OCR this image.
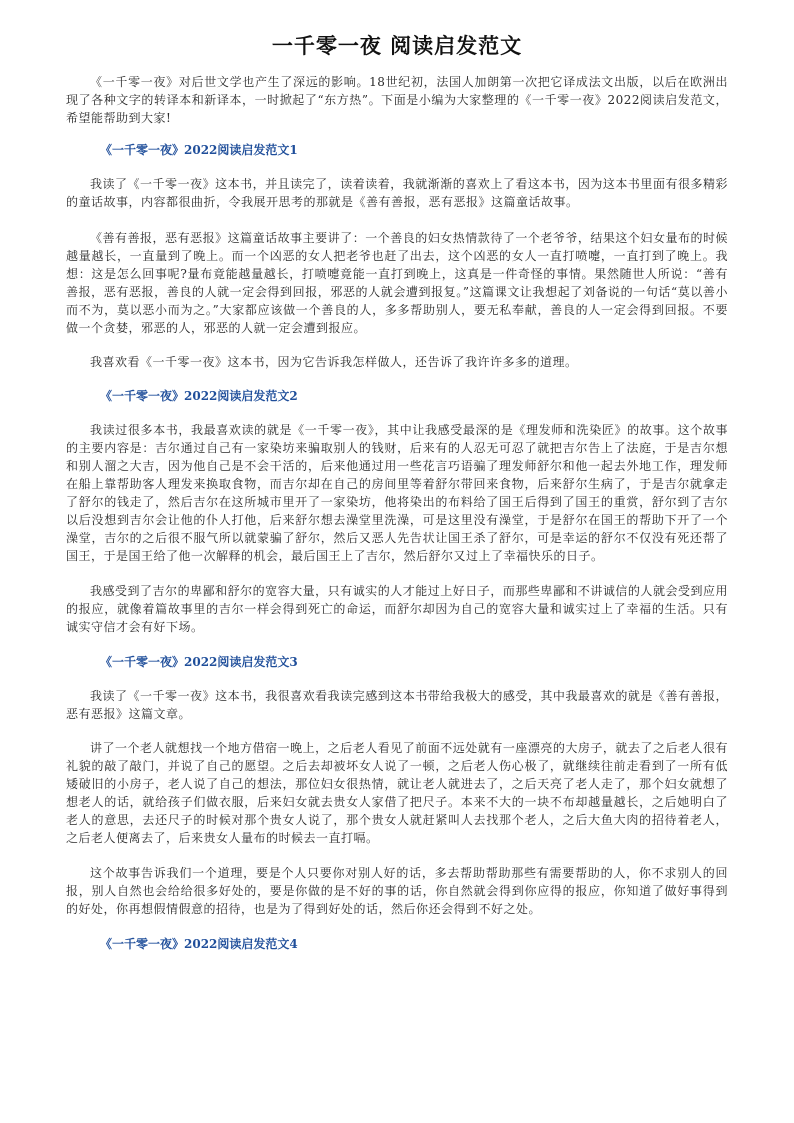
一千零一夜 阅读启发范文

《一千零一夜》对后世文学也产生了深远的影响。18世纪初，法国人加朗第一次把它译成法文出版，以后在欧洲出现了各种文字的转译本和新译本，一时掀起了“东方热”。下面是小编为大家整理的《一千零一夜》2022阅读启发范文，希望能帮助到大家!

《一千零一夜》2022阅读启发范文1

我读了《一千零一夜》这本书，并且读完了，读着读着，我就渐渐的喜欢上了看这本书，因为这本书里面有很多精彩的童话故事，内容都很曲折，令我展开思考的那就是《善有善报，恶有恶报》这篇童话故事。

《善有善报，恶有恶报》这篇童话故事主要讲了：一个善良的妇女热情款待了一个老爷爷，结果这个妇女量布的时候越量越长，一直量到了晚上。而一个凶恶的女人把老爷也赶了出去，这个凶恶的女人一直打喷嚏，一直打到了晚上。我想：这是怎么回事呢?量布竟能越量越长，打喷嚏竟能一直打到晚上，这真是一件奇怪的事情。果然随世人所说：“善有善报，恶有恶报，善良的人就一定会得到回报，邪恶的人就会遭到报复。”这篇课文让我想起了刘备说的一句话“莫以善小而不为，莫以恶小而为之。”大家都应该做一个善良的人，多多帮助别人，要无私奉献，善良的人一定会得到回报。不要做一个贪婪，邪恶的人，邪恶的人就一定会遭到报应。

我喜欢看《一千零一夜》这本书，因为它告诉我怎样做人，还告诉了我许许多多的道理。

《一千零一夜》2022阅读启发范文2

我读过很多本书，我最喜欢读的就是《一千零一夜》，其中让我感受最深的是《理发师和洗染匠》的故事。这个故事的主要内容是：吉尔通过自己有一家染坊来骗取别人的钱财，后来有的人忍无可忍了就把吉尔告上了法庭，于是吉尔想和别人溜之大吉，因为他自己是不会干活的，后来他通过用一些花言巧语骗了理发师舒尔和他一起去外地工作，理发师在船上靠帮助客人理发来换取食物，而吉尔却在自己的房间里等着舒尔带回来食物，后来舒尔生病了，于是吉尔就拿走了舒尔的钱走了，然后吉尔在这所城市里开了一家染坊，他将染出的布料给了国王后得到了国王的重赏，舒尔到了吉尔以后没想到吉尔会让他的仆人打他，后来舒尔想去澡堂里洗澡，可是这里没有澡堂，于是舒尔在国王的帮助下开了一个澡堂，吉尔的之后很不服气所以就蒙骗了舒尔，然后又恶人先告状让国王杀了舒尔，可是幸运的舒尔不仅没有死还帮了国王，于是国王给了他一次解释的机会，最后国王上了吉尔，然后舒尔又过上了幸福快乐的日子。

我感受到了吉尔的卑鄙和舒尔的宽容大量，只有诚实的人才能过上好日子，而那些卑鄙和不讲诚信的人就会受到应用的报应，就像着篇故事里的吉尔一样会得到死亡的命运，而舒尔却因为自己的宽容大量和诚实过上了幸福的生活。只有诚实守信才会有好下场。

《一千零一夜》2022阅读启发范文3

我读了《一千零一夜》这本书，我很喜欢看我读完感到这本书带给我极大的感受，其中我最喜欢的就是《善有善报，恶有恶报》这篇文章。

讲了一个老人就想找一个地方借宿一晚上，之后老人看见了前面不远处就有一座漂亮的大房子，就去了之后老人很有礼貌的敲了敲门，并说了自己的愿望。之后去却被坏女人说了一顿，之后老人伤心极了，就继续往前走看到了一所有低矮破旧的小房子，老人说了自己的想法，那位妇女很热情，就让老人就进去了，之后天亮了老人走了，那个妇女就想了想老人的话，就给孩子们做衣服，后来妇女就去贵女人家借了把尺子。本来不大的一块不布却越量越长，之后她明白了老人的意思，去还尺子的时候对那个贵女人说了，那个贵女人就赶紧叫人去找那个老人，之后大鱼大肉的招待着老人，之后老人便离去了，后来贵女人量布的时候去一直打嗝。

这个故事告诉我们一个道理，要是个人只要你对别人好的话，多去帮助帮助那些有需要帮助的人，你不求别人的回报，别人自然也会给给很多好处的，要是你做的是不好的事的话，你自然就会得到你应得的报应，你知道了做好事得到的好处，你再想假情假意的招待，也是为了得到好处的话，然后你还会得到不好之处。

《一千零一夜》2022阅读启发范文4
